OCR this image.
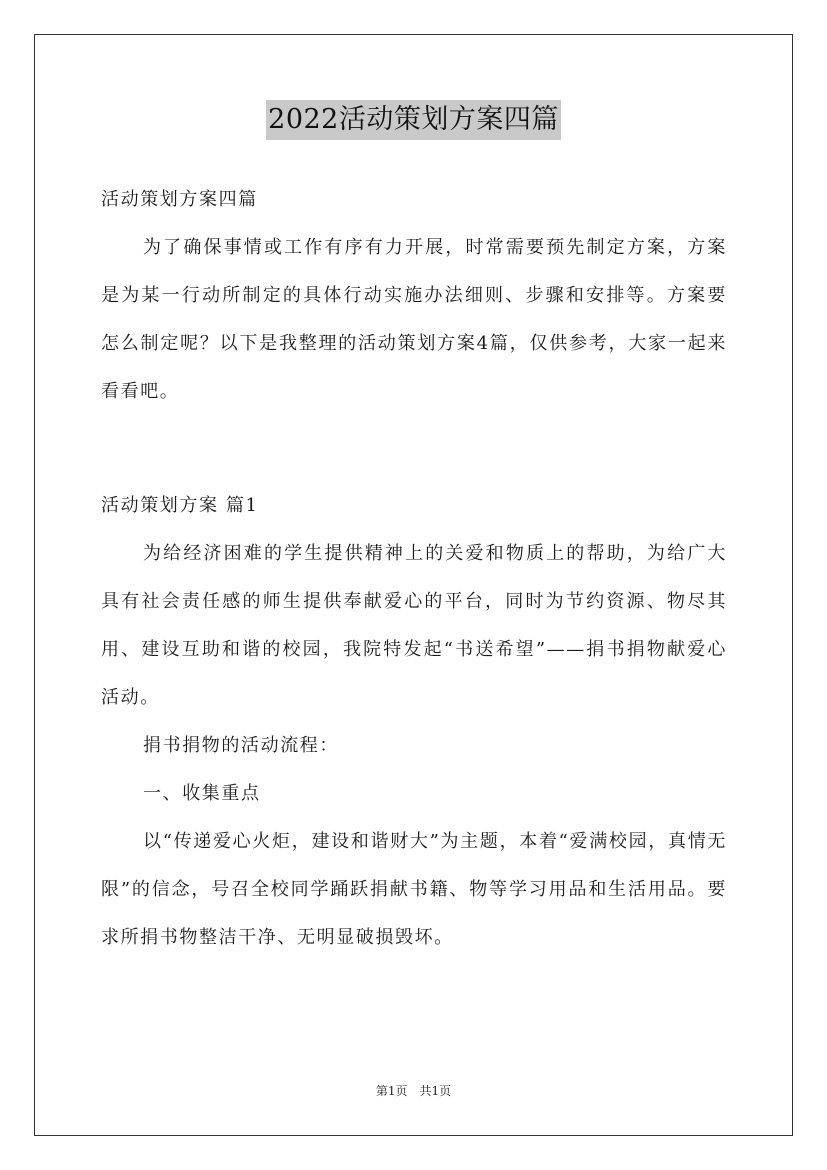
2022活动策划方案四篇

活动策划方案四篇

为了确保事情或工作有序有力开展，时常需要预先制定方案，方案是为某一行动所制定的具体行动实施办法细则、步骤和安排等。方案要怎么制定呢？以下是我整理的活动策划方案4篇，仅供参考，大家一起来看看吧。

活动策划方案 篇1

为给经济困难的学生提供精神上的关爱和物质上的帮助，为给广大具有社会责任感的师生提供奉献爱心的平台，同时为节约资源、物尽其用、建设互助和谐的校园，我院特发起“书送希望”——捐书捐物献爱心活动。

捐书捐物的活动流程：

一、收集重点

以“传递爱心火炬，建设和谐财大”为主题，本着“爱满校园，真情无限”的信念，号召全校同学踊跃捐献书籍、物等学习用品和生活用品。要求所捐书物整洁干净、无明显破损毁坏。

第1页　共1页
